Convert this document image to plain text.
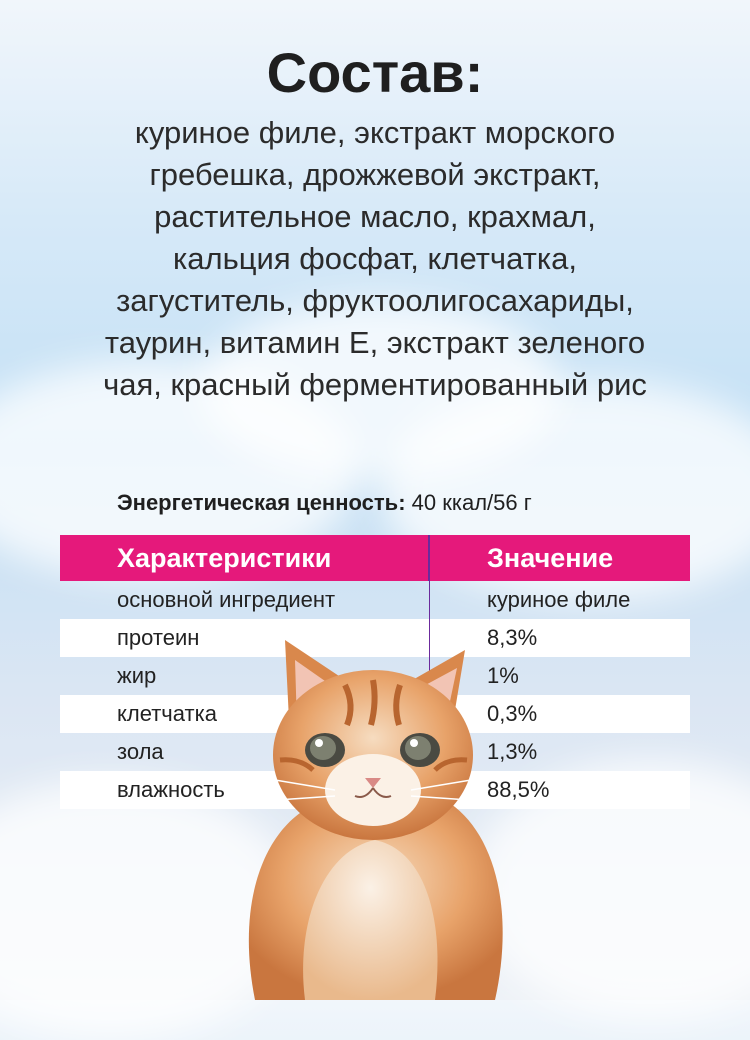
Состав:
куриное филе, экстракт морского
гребешка, дрожжевой экстракт,
растительное масло, крахмал,
кальция фосфат, клетчатка,
загуститель, фруктоолигосахариды,
таурин, витамин Е, экстракт зеленого
чая, красный ферментированный рис
Энергетическая ценность: 40 ккал/56 г
Характеристики	Значение
основной ингредиент	куриное филе
протеин	8,3%
жир	1%
клетчатка	0,3%
зола	1,3%
влажность	88,5%
